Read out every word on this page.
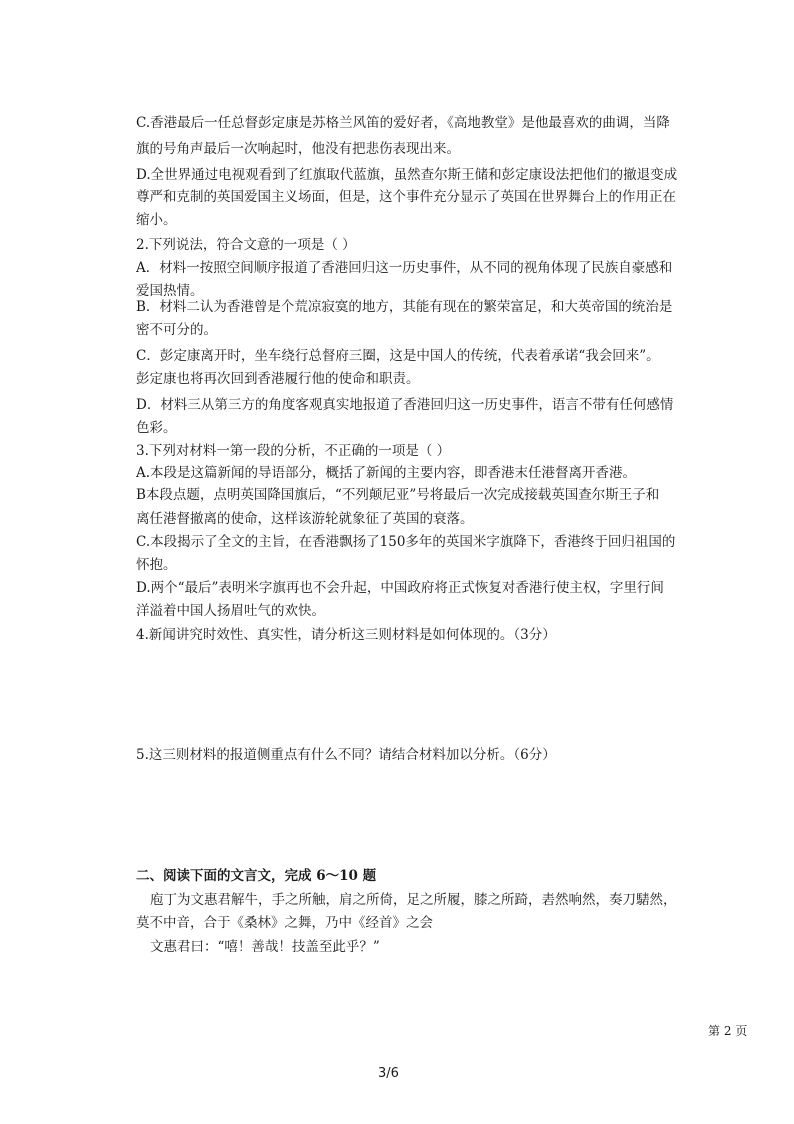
C.香港最后一任总督彭定康是苏格兰风笛的爱好者，《高地教堂》是他最喜欢的曲调，当降
旗的号角声最后一次响起时，他没有把悲伤表现出来。
D.全世界通过电视观看到了红旗取代蓝旗，虽然查尔斯王储和彭定康设法把他们的撤退变成
尊严和克制的英国爱国主义场面，但是，这个事件充分显示了英国在世界舞台上的作用正在
缩小。
2.下列说法，符合文意的一项是（ ）
A．材料一按照空间顺序报道了香港回归这一历史事件，从不同的视角体现了民族自豪感和
爱国热情。
B．材料二认为香港曾是个荒凉寂寞的地方，其能有现在的繁荣富足，和大英帝国的统治是
密不可分的。
C．彭定康离开时，坐车绕行总督府三圈，这是中国人的传统，代表着承诺“我会回来”。
彭定康也将再次回到香港履行他的使命和职责。
D．材料三从第三方的角度客观真实地报道了香港回归这一历史事件，语言不带有任何感情
色彩。
3.下列对材料一第一段的分析，不正确的一项是（ ）
A.本段是这篇新闻的导语部分，概括了新闻的主要内容，即香港末任港督离开香港。
B本段点题，点明英国降国旗后，“不列颠尼亚”号将最后一次完成接载英国查尔斯王子和
离任港督撤离的使命，这样该游轮就象征了英国的衰落。
C.本段揭示了全文的主旨，在香港飘扬了150多年的英国米字旗降下，香港终于回归祖国的
怀抱。
D.两个“最后”表明米字旗再也不会升起，中国政府将正式恢复对香港行使主权，字里行间
洋溢着中国人扬眉吐气的欢快。
4.新闻讲究时效性、真实性，请分析这三则材料是如何体现的。（3分）
5.这三则材料的报道侧重点有什么不同？请结合材料加以分析。（6分）
二、阅读下面的文言文，完成 6～10 题
庖丁为文惠君解牛，手之所触，肩之所倚，足之所履，膝之所踦，砉然响然，奏刀騞然，
莫不中音，合于《桑林》之舞，乃中《经首》之会
文惠君曰：“嘻！善哉！技盖至此乎？”
第 2 页
3/6
